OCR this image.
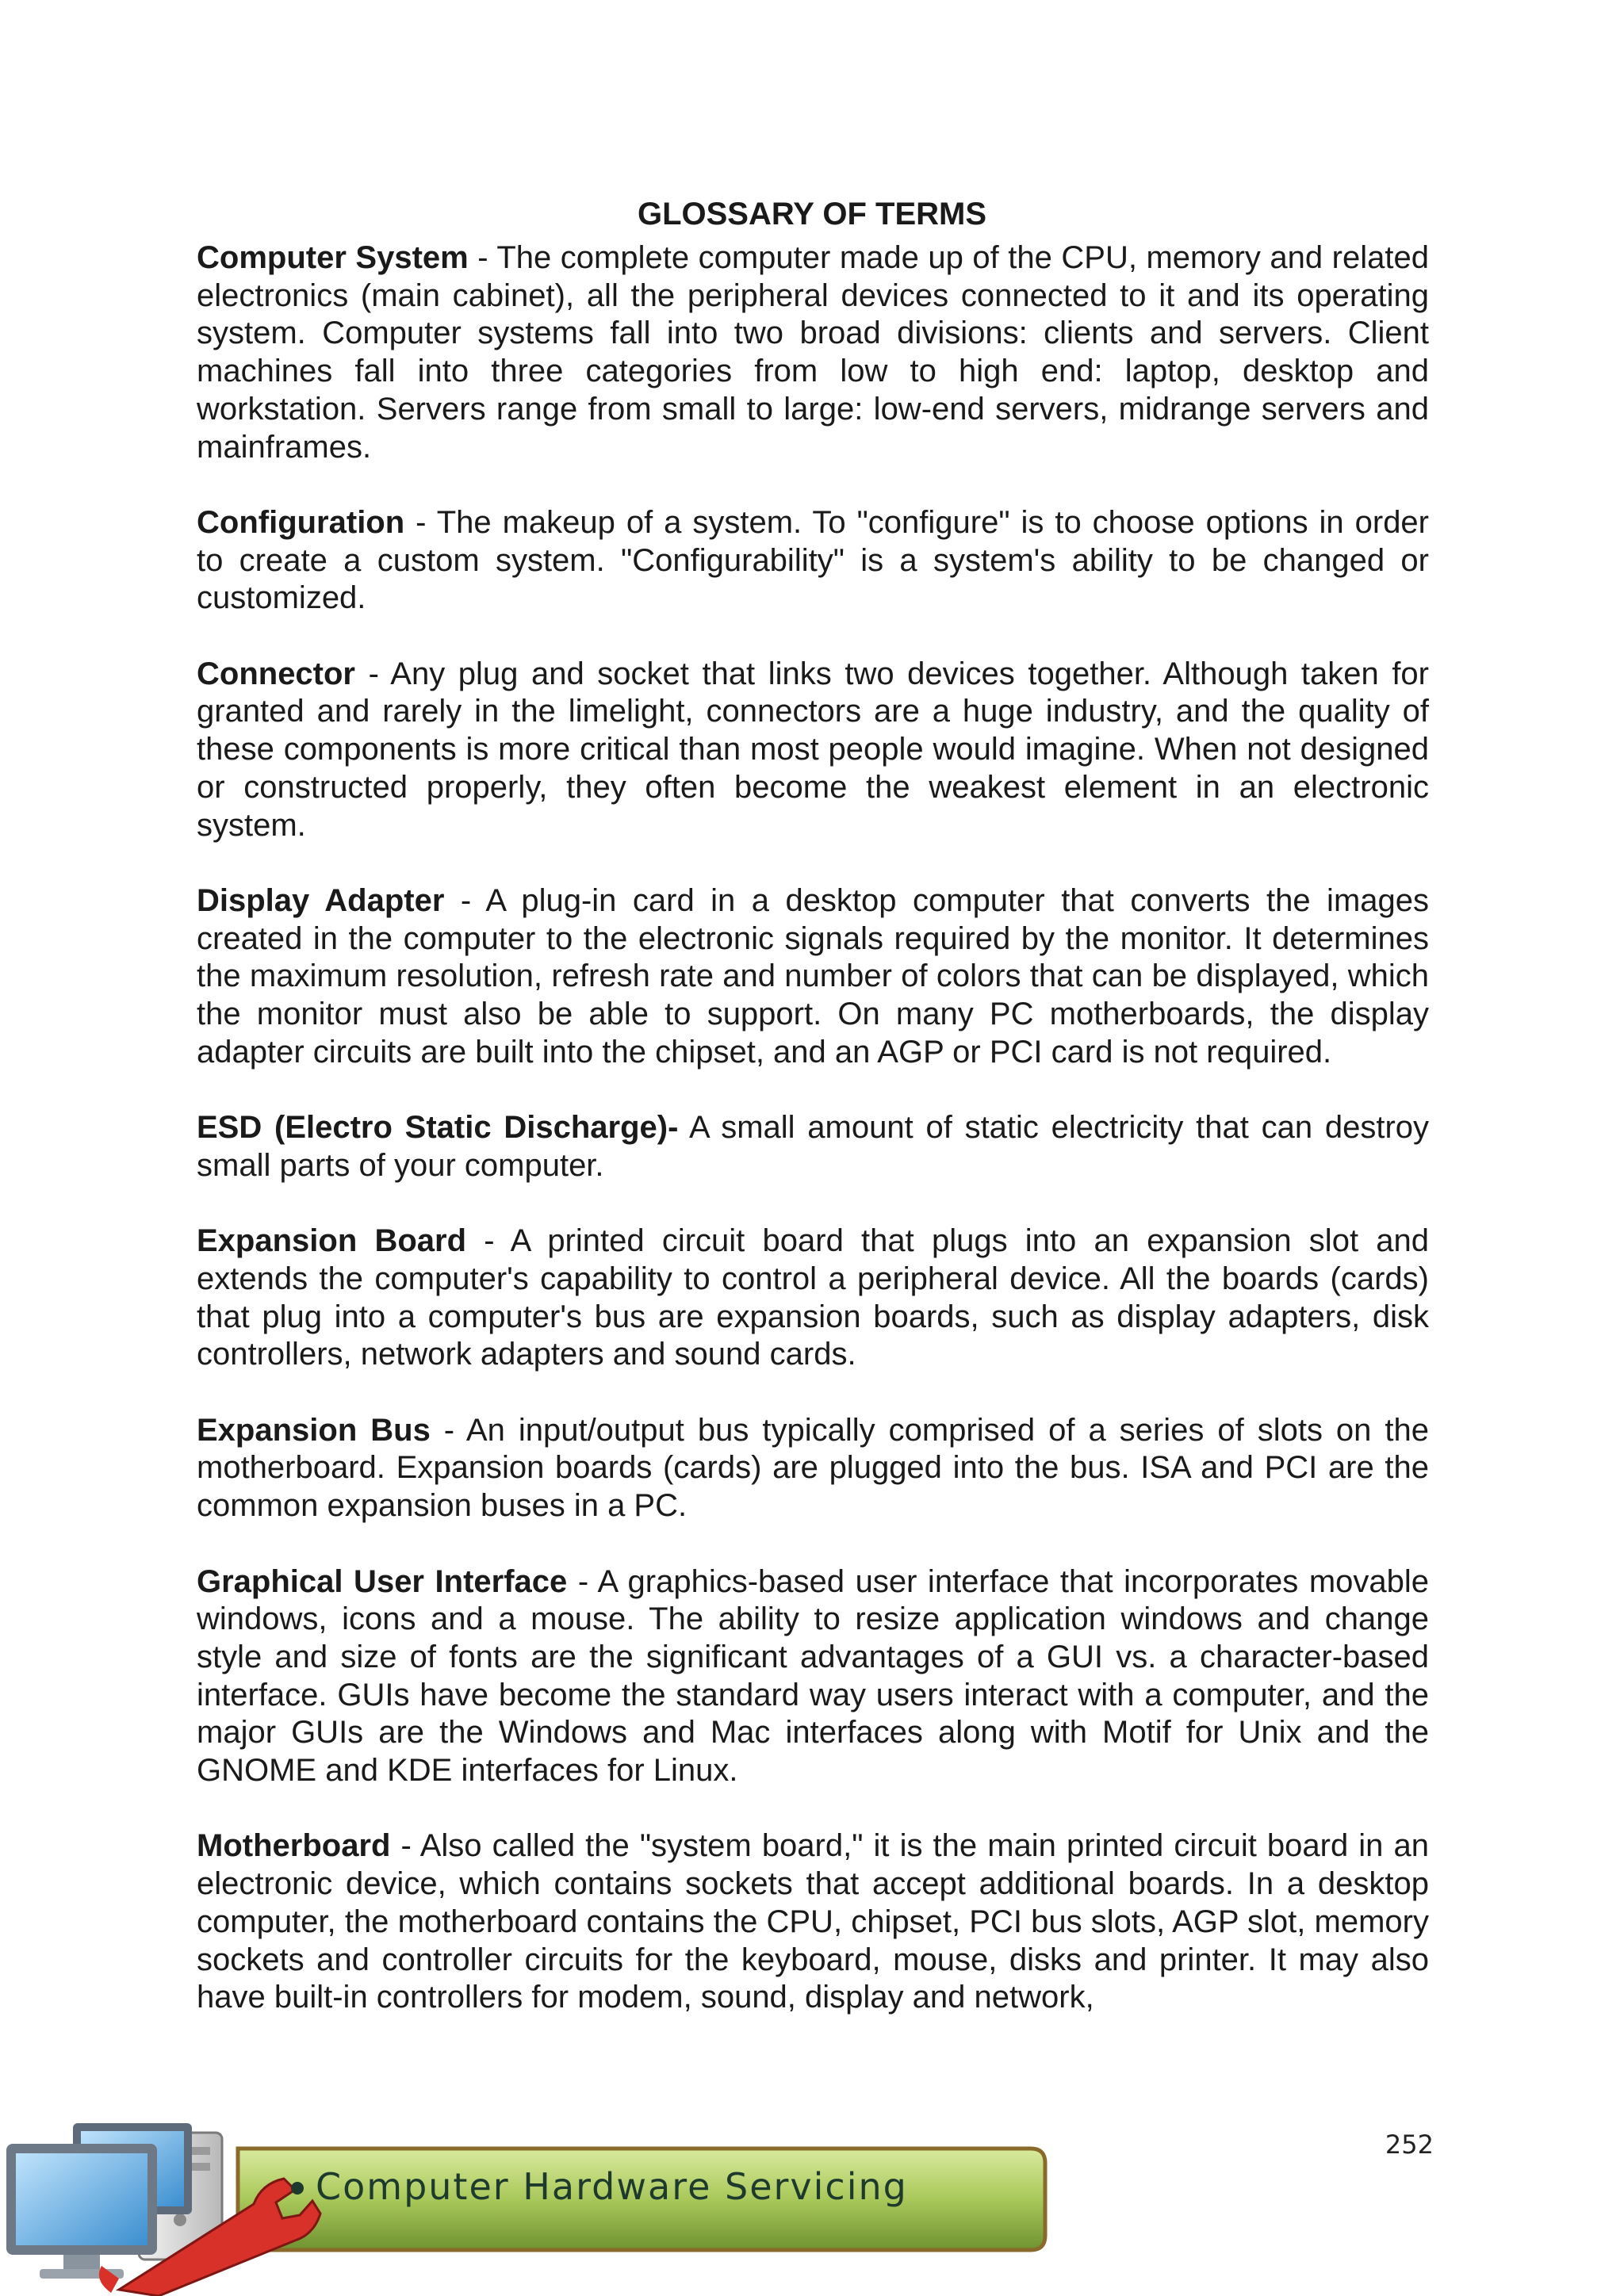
GLOSSARY OF TERMS

Computer System - The complete computer made up of the CPU, memory and related electronics (main cabinet), all the peripheral devices connected to it and its operating system. Computer systems fall into two broad divisions: clients and servers. Client machines fall into three categories from low to high end: laptop, desktop and workstation. Servers range from small to large: low-end servers, midrange servers and mainframes.

Configuration - The makeup of a system. To "configure" is to choose options in order to create a custom system. "Configurability" is a system's ability to be changed or customized.

Connector - Any plug and socket that links two devices together. Although taken for granted and rarely in the limelight, connectors are a huge industry, and the quality of these components is more critical than most people would imagine. When not designed or constructed properly, they often become the weakest element in an electronic system.

Display Adapter - A plug-in card in a desktop computer that converts the images created in the computer to the electronic signals required by the monitor. It determines the maximum resolution, refresh rate and number of colors that can be displayed, which the monitor must also be able to support. On many PC motherboards, the display adapter circuits are built into the chipset, and an AGP or PCI card is not required.

ESD (Electro Static Discharge)- A small amount of static electricity that can destroy small parts of your computer.

Expansion Board - A printed circuit board that plugs into an expansion slot and extends the computer's capability to control a peripheral device. All the boards (cards) that plug into a computer's bus are expansion boards, such as display adapters, disk controllers, network adapters and sound cards.

Expansion Bus - An input/output bus typically comprised of a series of slots on the motherboard. Expansion boards (cards) are plugged into the bus. ISA and PCI are the common expansion buses in a PC.

Graphical User Interface - A graphics-based user interface that incorporates movable windows, icons and a mouse. The ability to resize application windows and change style and size of fonts are the significant advantages of a GUI vs. a character-based interface. GUIs have become the standard way users interact with a computer, and the major GUIs are the Windows and Mac interfaces along with Motif for Unix and the GNOME and KDE interfaces for Linux.

Motherboard - Also called the "system board," it is the main printed circuit board in an electronic device, which contains sockets that accept additional boards. In a desktop computer, the motherboard contains the CPU, chipset, PCI bus slots, AGP slot, memory sockets and controller circuits for the keyboard, mouse, disks and printer. It may also have built-in controllers for modem, sound, display and network,

252
Computer Hardware Servicing
